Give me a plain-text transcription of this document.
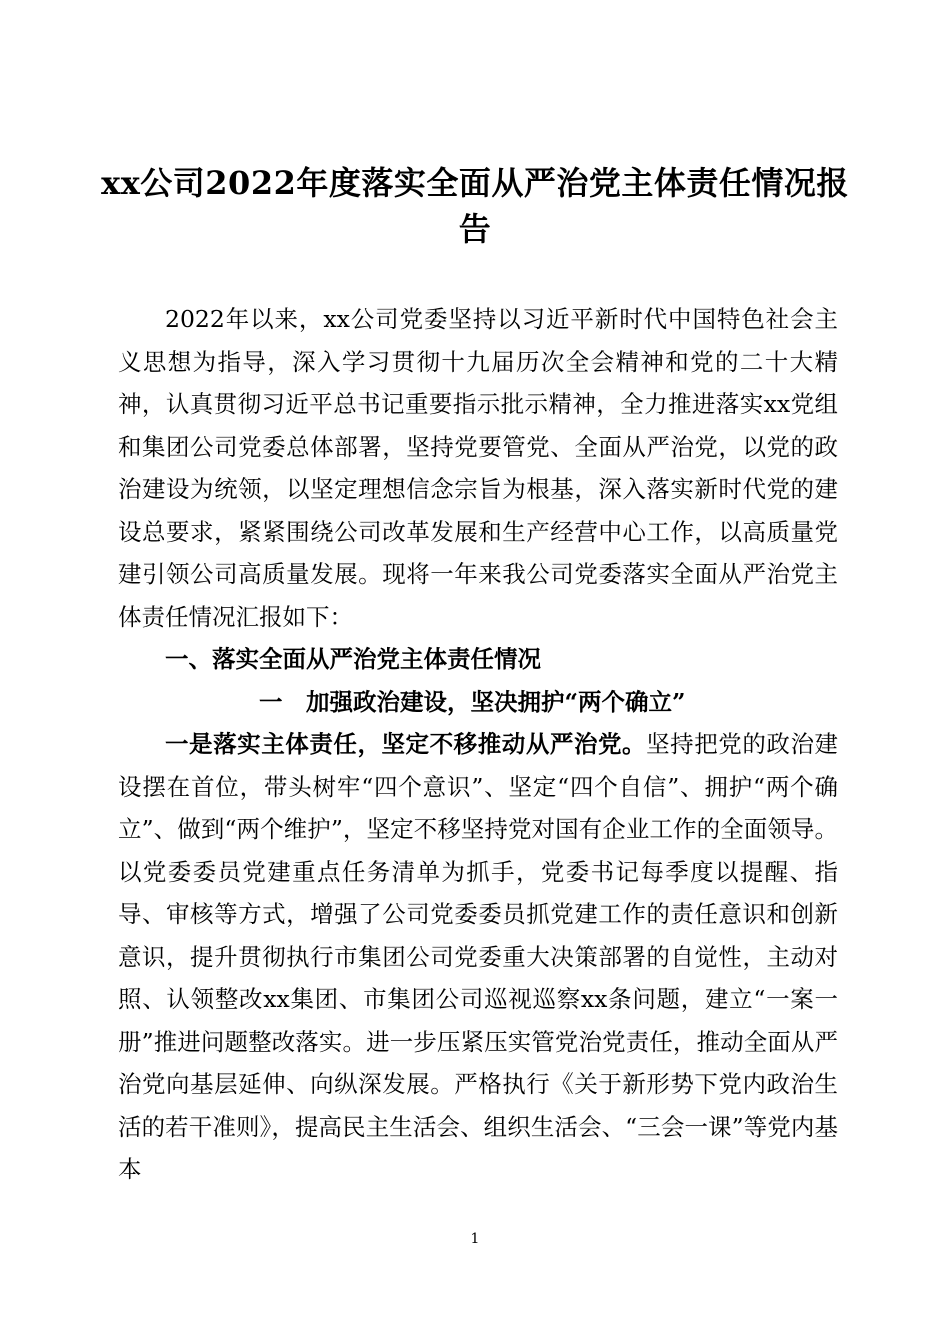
xx公司2022年度落实全面从严治党主体责任情况报告

2022年以来，xx公司党委坚持以习近平新时代中国特色社会主义思想为指导，深入学习贯彻十九届历次全会精神和党的二十大精神，认真贯彻习近平总书记重要指示批示精神，全力推进落实xx党组和集团公司党委总体部署，坚持党要管党、全面从严治党，以党的政治建设为统领，以坚定理想信念宗旨为根基，深入落实新时代党的建设总要求，紧紧围绕公司改革发展和生产经营中心工作，以高质量党建引领公司高质量发展。现将一年来我公司党委落实全面从严治党主体责任情况汇报如下：

一、落实全面从严治党主体责任情况

一 加强政治建设，坚决拥护“两个确立”

一是落实主体责任，坚定不移推动从严治党。坚持把党的政治建设摆在首位，带头树牢“四个意识”、坚定“四个自信”、拥护“两个确立”、做到“两个维护”，坚定不移坚持党对国有企业工作的全面领导。以党委委员党建重点任务清单为抓手，党委书记每季度以提醒、指导、审核等方式，增强了公司党委委员抓党建工作的责任意识和创新意识，提升贯彻执行市集团公司党委重大决策部署的自觉性，主动对照、认领整改xx集团、市集团公司巡视巡察xx条问题，建立“一案一册”推进问题整改落实。进一步压紧压实管党治党责任，推动全面从严治党向基层延伸、向纵深发展。严格执行《关于新形势下党内政治生活的若干准则》，提高民主生活会、组织生活会、“三会一课”等党内基本

1
